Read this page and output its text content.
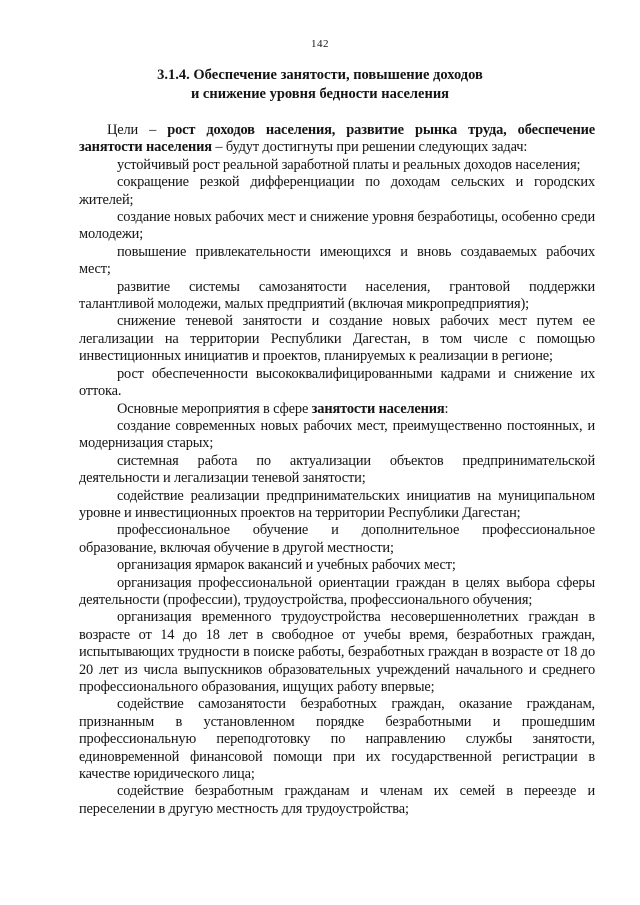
142
3.1.4. Обеспечение занятости, повышение доходов
и снижение уровня бедности населения

Цели – рост доходов населения, развитие рынка труда, обеспечение занятости населения – будут достигнуты при решении следующих задач:

устойчивый рост реальной заработной платы и реальных доходов населения;

сокращение резкой дифференциации по доходам сельских и городских жителей;

создание новых рабочих мест и снижение уровня безработицы, особенно среди молодежи;

повышение привлекательности имеющихся и вновь создаваемых рабочих мест;

развитие системы самозанятости населения, грантовой поддержки талантливой молодежи, малых предприятий (включая микропредприятия);

снижение теневой занятости и создание новых рабочих мест путем ее легализации на территории Республики Дагестан, в том числе с помощью инвестиционных инициатив и проектов, планируемых к реализации в регионе;

рост обеспеченности высококвалифицированными кадрами и снижение их оттока.

Основные мероприятия в сфере занятости населения:

создание современных новых рабочих мест, преимущественно постоянных, и модернизация старых;

системная работа по актуализации объектов предпринимательской деятельности и легализации теневой занятости;

содействие реализации предпринимательских инициатив на муниципальном уровне и инвестиционных проектов на территории Республики Дагестан;

профессиональное обучение и дополнительное профессиональное образование, включая обучение в другой местности;

организация ярмарок вакансий и учебных рабочих мест;

организация профессиональной ориентации граждан в целях выбора сферы деятельности (профессии), трудоустройства, профессионального обучения;

организация временного трудоустройства несовершеннолетних граждан в возрасте от 14 до 18 лет в свободное от учебы время, безработных граждан, испытывающих трудности в поиске работы, безработных граждан в возрасте от 18 до 20 лет из числа выпускников образовательных учреждений начального и среднего профессионального образования, ищущих работу впервые;

содействие самозанятости безработных граждан, оказание гражданам, признанным в установленном порядке безработными и прошедшим профессиональную переподготовку по направлению службы занятости, единовременной финансовой помощи при их государственной регистрации в качестве юридического лица;

содействие безработным гражданам и членам их семей в переезде и переселении в другую местность для трудоустройства;
